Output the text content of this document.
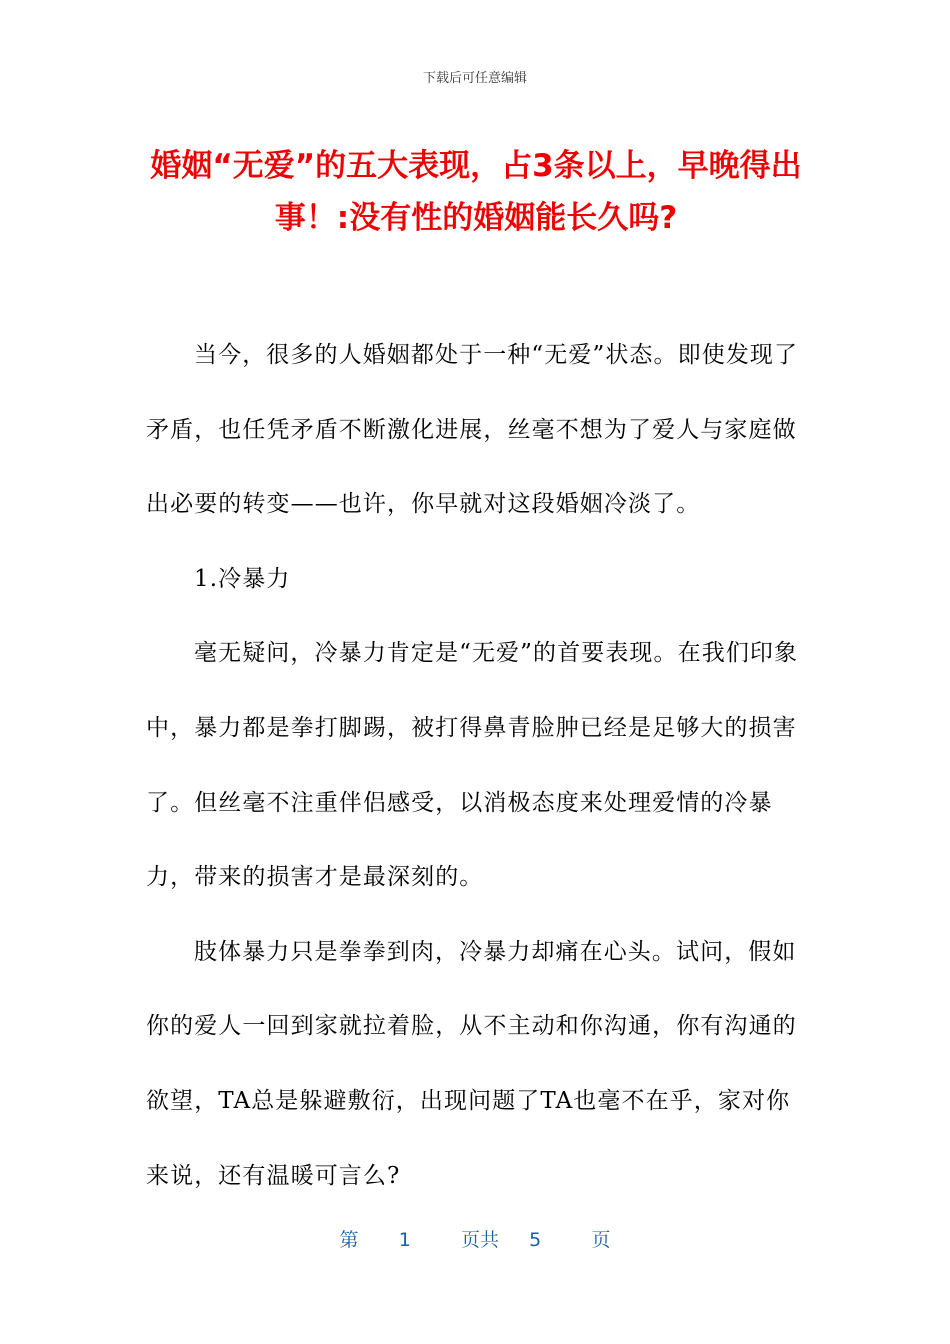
下载后可任意编辑
婚姻“无爱”的五大表现，占3条以上，早晚得出事！:没有性的婚姻能长久吗?

当今，很多的人婚姻都处于一种“无爱”状态。即使发现了矛盾，也任凭矛盾不断激化进展，丝毫不想为了爱人与家庭做出必要的转变——也许，你早就对这段婚姻冷淡了。

1.冷暴力

毫无疑问，冷暴力肯定是“无爱”的首要表现。在我们印象中，暴力都是拳打脚踢，被打得鼻青脸肿已经是足够大的损害了。但丝毫不注重伴侣感受，以消极态度来处理爱情的冷暴力，带来的损害才是最深刻的。

肢体暴力只是拳拳到肉，冷暴力却痛在心头。试问，假如你的爱人一回到家就拉着脸，从不主动和你沟通，你有沟通的欲望，TA总是躲避敷衍，出现问题了TA也毫不在乎，家对你来说，还有温暖可言么?

第 1	页共 5	页
